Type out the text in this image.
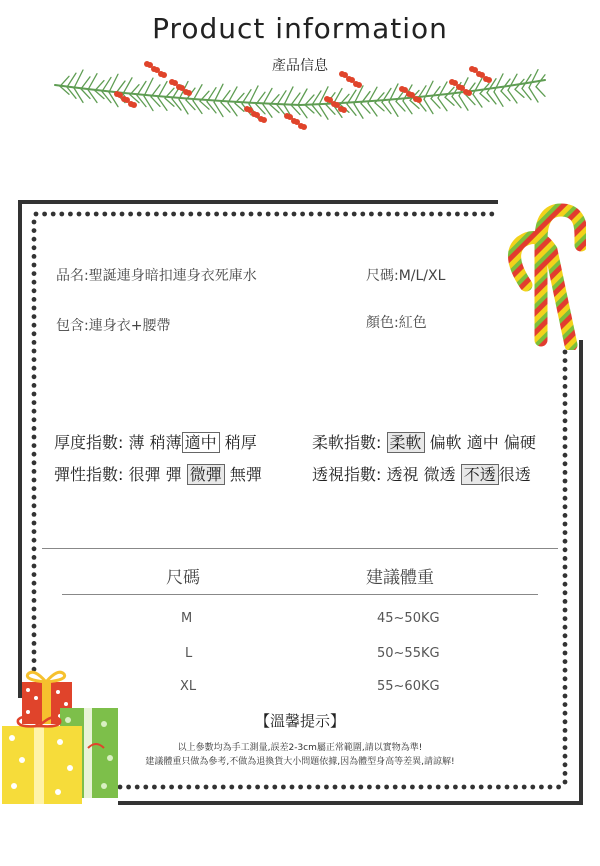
Product information
產品信息
品名:聖誕連身暗扣連身衣死庫水	尺碼:M/L/XL
包含:連身衣+腰帶	顏色:紅色
厚度指數: 薄 稍薄 適中 稍厚	柔軟指數: 柔軟 偏軟 適中 偏硬
彈性指數: 很彈 彈 微彈 無彈	透視指數: 透視 微透 不透 很透
尺碼	建議體重
M	45~50KG
L	50~55KG
XL	55~60KG
【溫馨提示】
以上參數均為手工測量,誤差2-3cm屬正常範圍,請以實物為準!
建議體重只做為參考,不做為退換貨大小問題依據,因為體型身高等差異,請諒解!
